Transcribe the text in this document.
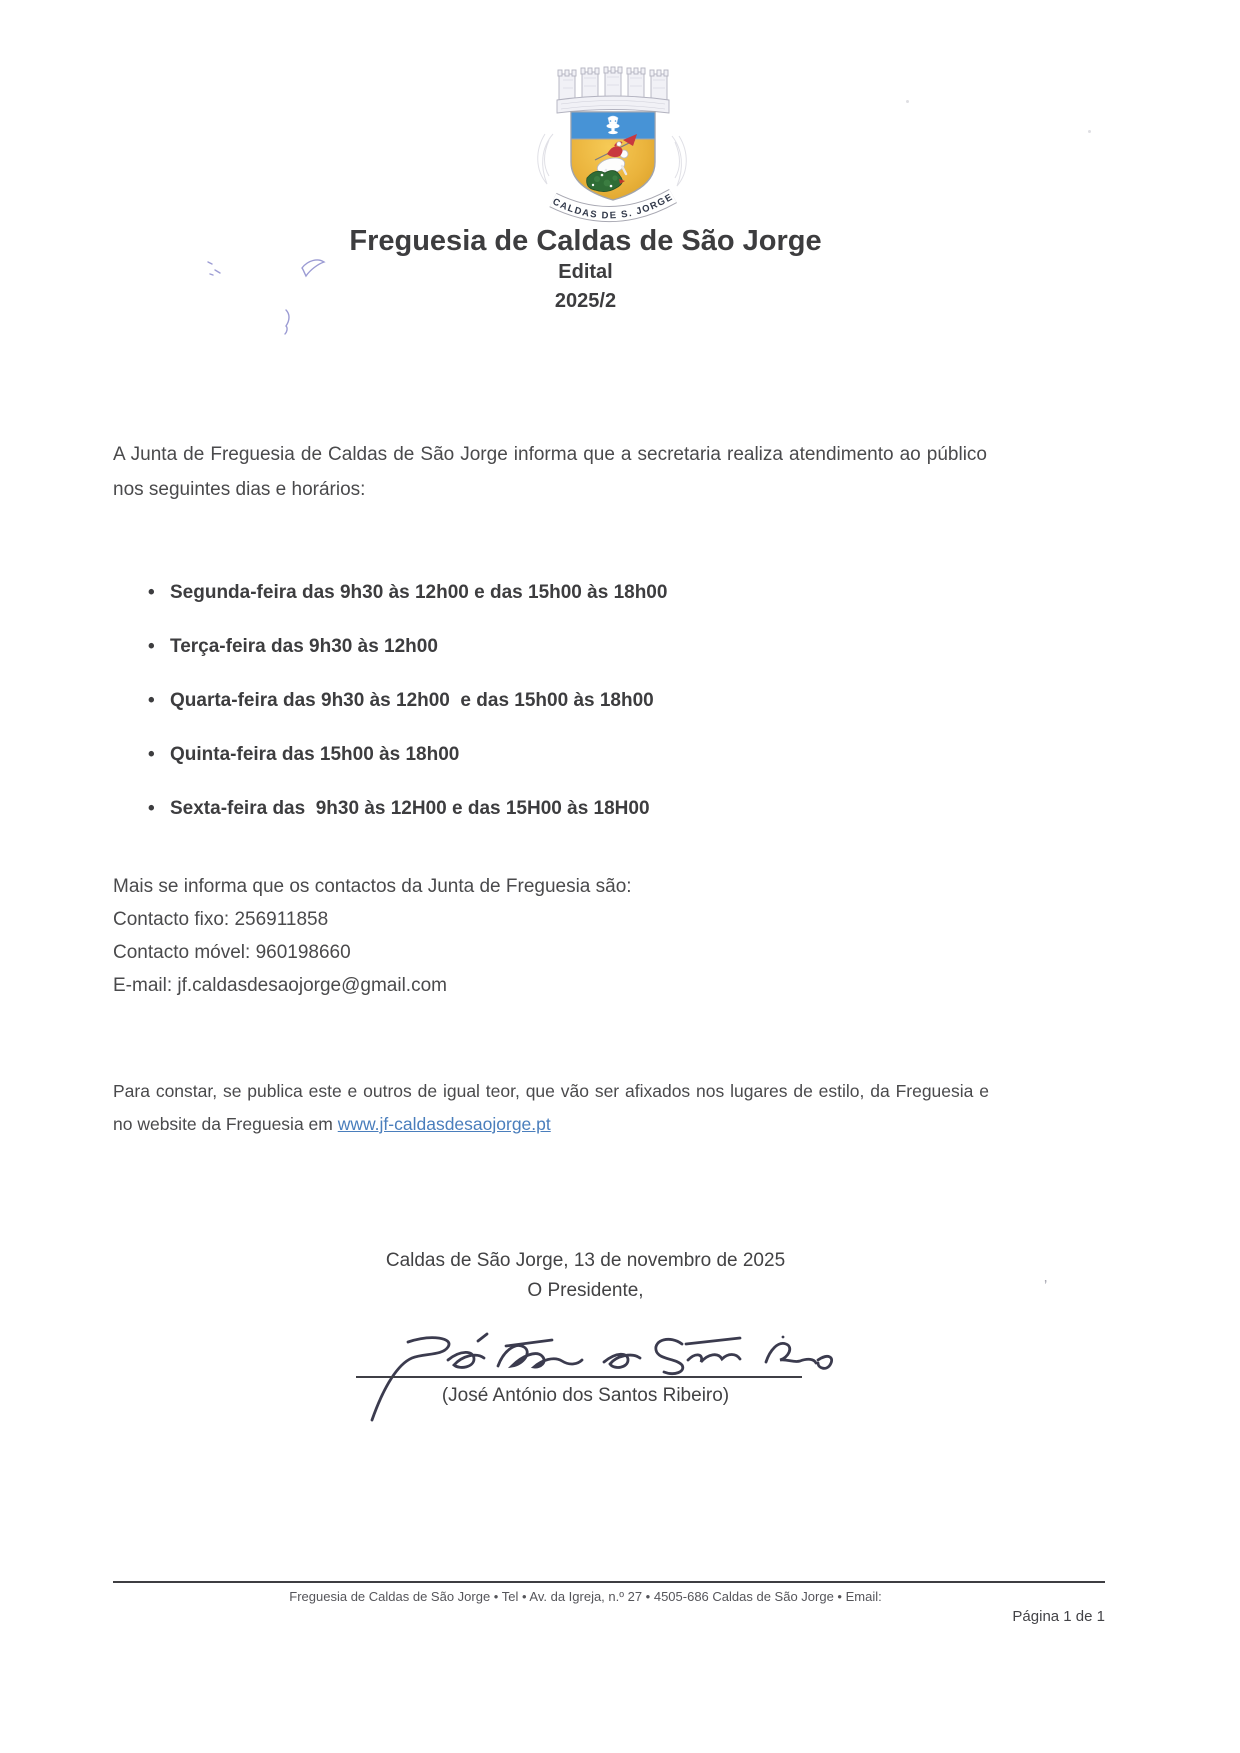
CALDAS DE S. JORGE
Freguesia de Caldas de São Jorge
Edital
2025/2
A Junta de Freguesia de Caldas de São Jorge informa que a secretaria realiza atendimento ao público nos seguintes dias e horários:
• Segunda-feira das 9h30 às 12h00 e das 15h00 às 18h00
• Terça-feira das 9h30 às 12h00
• Quarta-feira das 9h30 às 12h00  e das 15h00 às 18h00
• Quinta-feira das 15h00 às 18h00
• Sexta-feira das  9h30 às 12H00 e das 15H00 às 18H00
Mais se informa que os contactos da Junta de Freguesia são:
Contacto fixo: 256911858
Contacto móvel: 960198660
E-mail: jf.caldasdesaojorge@gmail.com
Para constar, se publica este e outros de igual teor, que vão ser afixados nos lugares de estilo, da Freguesia e no website da Freguesia em www.jf-caldasdesaojorge.pt
Caldas de São Jorge, 13 de novembro de 2025
O Presidente,
(José António dos Santos Ribeiro)
Freguesia de Caldas de São Jorge • Tel • Av. da Igreja, n.º 27 • 4505-686 Caldas de São Jorge • Email:
Página 1 de 1
ʼ
